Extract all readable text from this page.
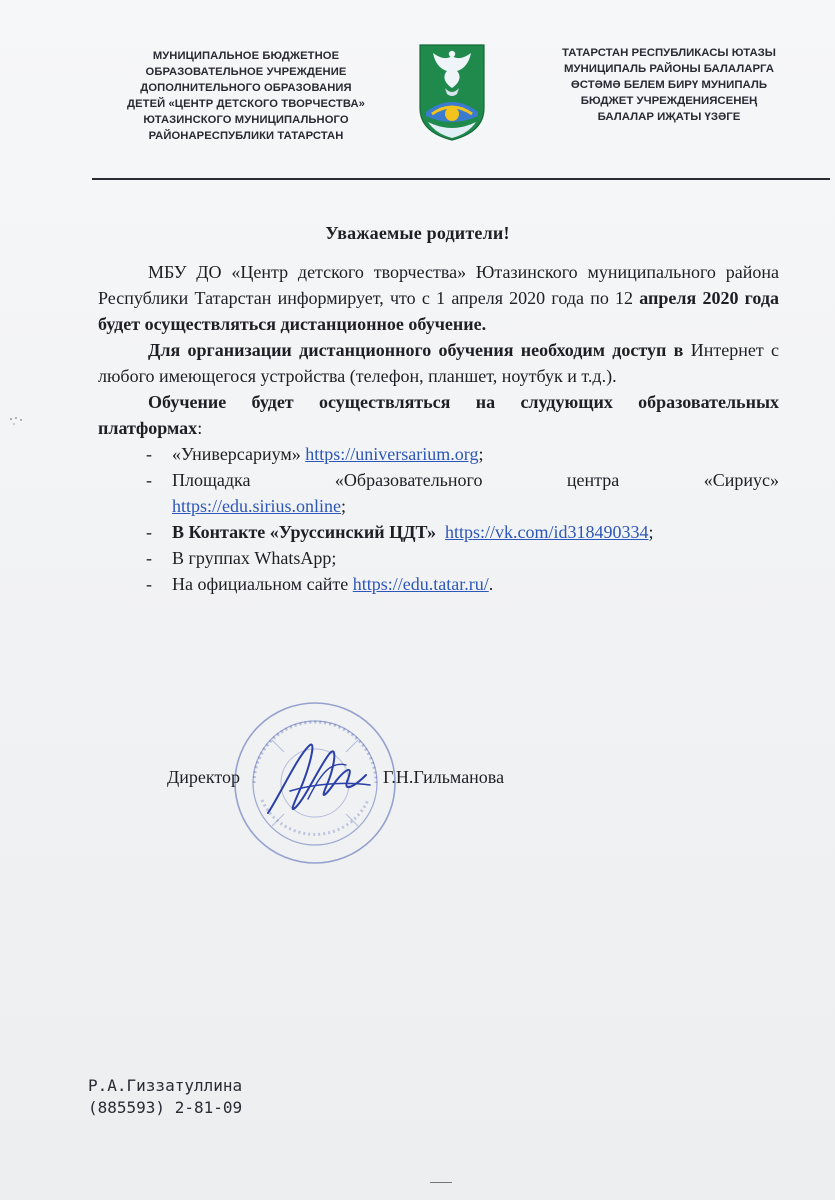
МУНИЦИПАЛЬНОЕ БЮДЖЕТНОЕ
ОБРАЗОВАТЕЛЬНОЕ УЧРЕЖДЕНИЕ
ДОПОЛНИТЕЛЬНОГО ОБРАЗОВАНИЯ
ДЕТЕЙ «ЦЕНТР ДЕТСКОГО ТВОРЧЕСТВА»
ЮТАЗИНСКОГО МУНИЦИПАЛЬНОГО
РАЙОНАРЕСПУБЛИКИ ТАТАРСТАН
ТАТАРСТАН РЕСПУБЛИКАСЫ ЮТАЗЫ
МУНИЦИПАЛЬ РАЙОНЫ БАЛАЛАРГА
ӨСТӘМӘ БЕЛЕМ БИРҮ МУНИПАЛЬ
БЮДЖЕТ УЧРЕЖДЕНИЯСЕНЕҢ
БАЛАЛАР ИҖАТЫ ҮЗӘГЕ
Уважаемые родители!

МБУ ДО «Центр детского творчества» Ютазинского муниципального района Республики Татарстан информирует, что с 1 апреля 2020 года по 12 апреля 2020 года будет осуществляться дистанционное обучение.

Для организации дистанционного обучения необходим доступ в Интернет с любого имеющегося устройства (телефон, планшет, ноутбук и т.д.).

Обучение будет осуществляться на слудующих образовательных платформах:

- «Универсариум» https://universarium.org;
- Площадка	«Образовательного	центра	«Сириус»
https://edu.sirius.online;
- В Контакте «Уруссинский ЦДТ» https://vk.com/id318490334;
- В группах WhatsApp;
- На официальном сайте https://edu.tatar.ru/.
Директор	Г.Н.Гильманова
Р.А.Гиззатуллина
(885593) 2-81-09
